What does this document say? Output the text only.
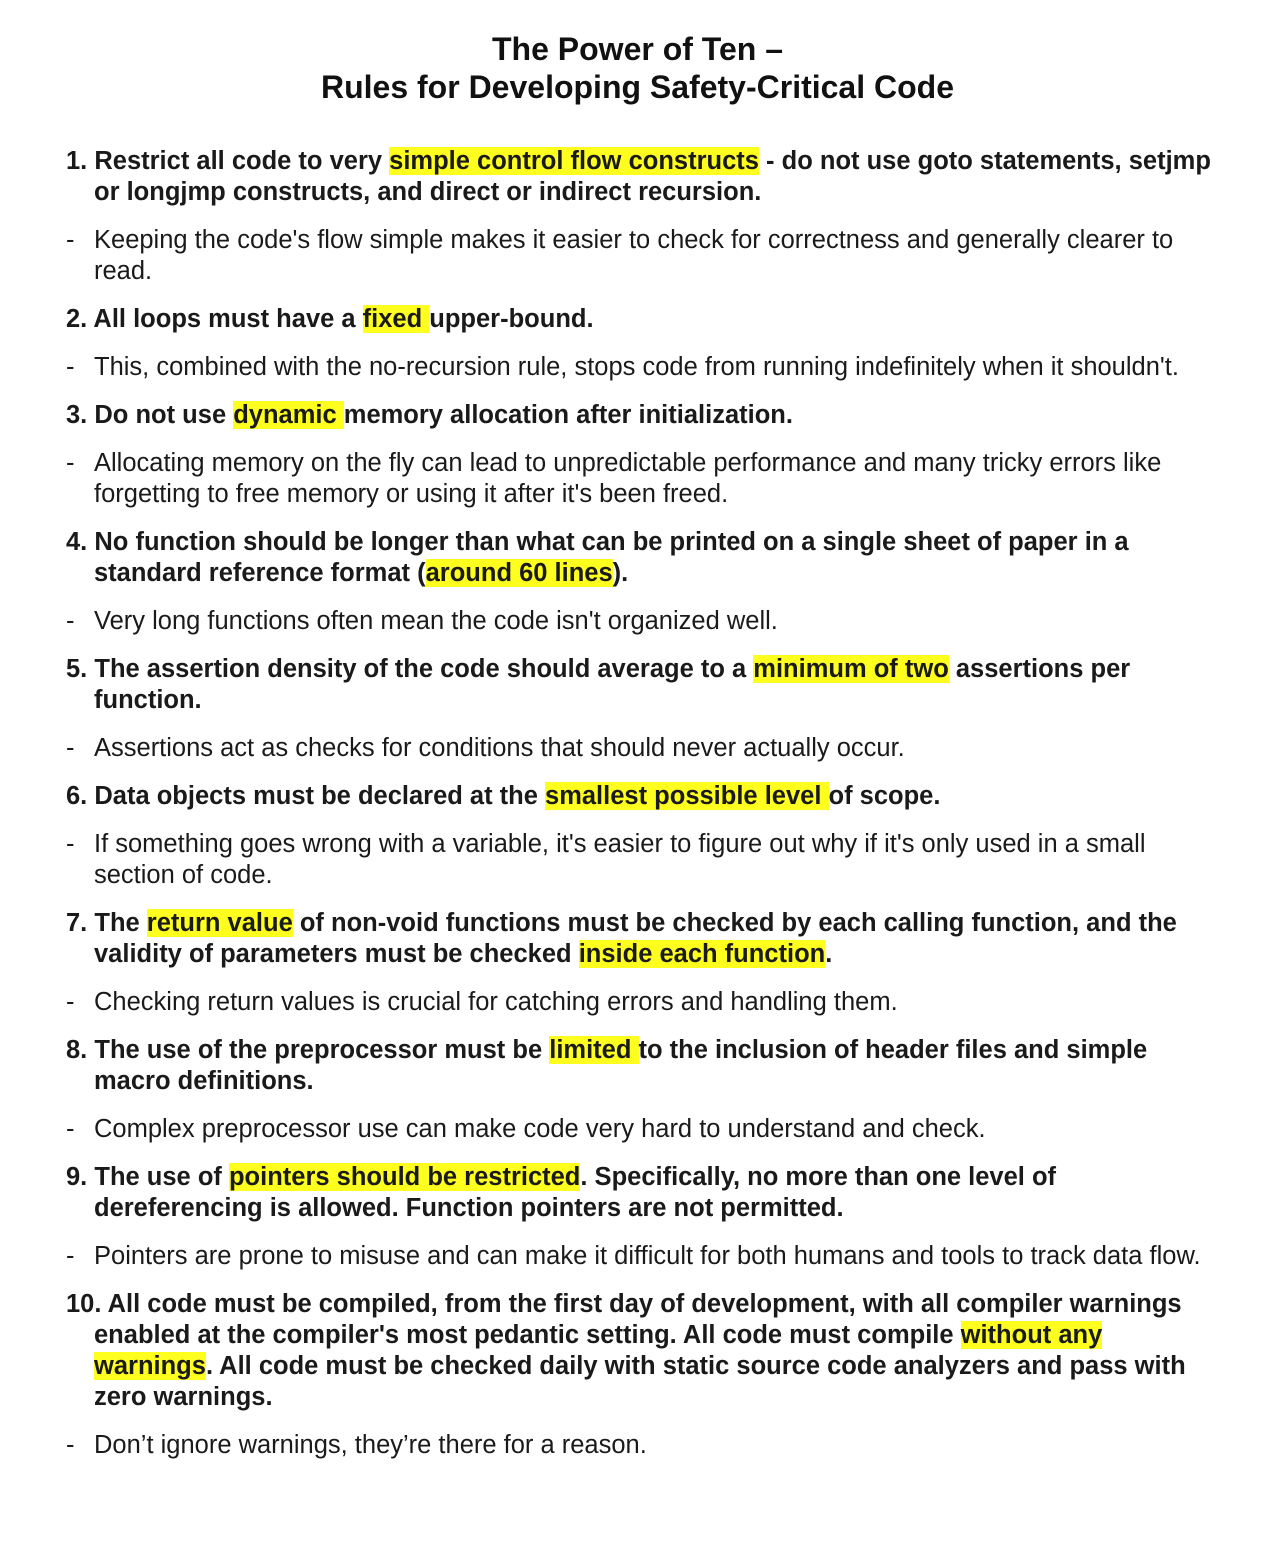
The Power of Ten –
Rules for Developing Safety-Critical Code

1. Restrict all code to very simple control flow constructs - do not use goto statements, setjmp or longjmp constructs, and direct or indirect recursion.

- Keeping the code's flow simple makes it easier to check for correctness and generally clearer to read.

2. All loops must have a fixed upper-bound.

- This, combined with the no-recursion rule, stops code from running indefinitely when it shouldn't.

3. Do not use dynamic memory allocation after initialization.

- Allocating memory on the fly can lead to unpredictable performance and many tricky errors like forgetting to free memory or using it after it's been freed.

4. No function should be longer than what can be printed on a single sheet of paper in a standard reference format (around 60 lines).

- Very long functions often mean the code isn't organized well.

5. The assertion density of the code should average to a minimum of two assertions per function.

- Assertions act as checks for conditions that should never actually occur.

6. Data objects must be declared at the smallest possible level of scope.

- If something goes wrong with a variable, it's easier to figure out why if it's only used in a small section of code.

7. The return value of non-void functions must be checked by each calling function, and the validity of parameters must be checked inside each function.

- Checking return values is crucial for catching errors and handling them.

8. The use of the preprocessor must be limited to the inclusion of header files and simple macro definitions.

- Complex preprocessor use can make code very hard to understand and check.

9. The use of pointers should be restricted. Specifically, no more than one level of dereferencing is allowed. Function pointers are not permitted.

- Pointers are prone to misuse and can make it difficult for both humans and tools to track data flow.

10. All code must be compiled, from the first day of development, with all compiler warnings enabled at the compiler's most pedantic setting. All code must compile without any warnings. All code must be checked daily with static source code analyzers and pass with zero warnings.

- Don’t ignore warnings, they’re there for a reason.
